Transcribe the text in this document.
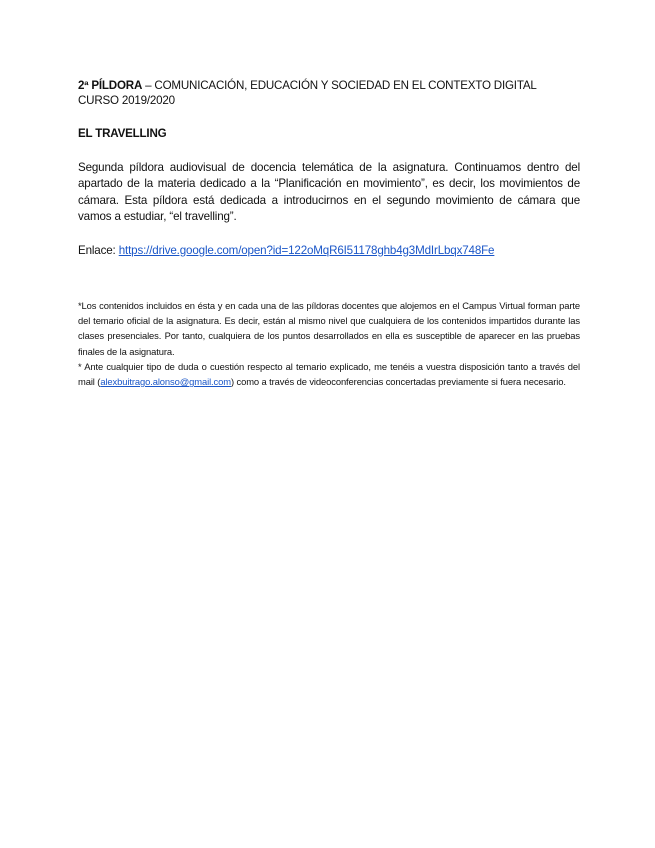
2ª PÍLDORA – COMUNICACIÓN, EDUCACIÓN Y SOCIEDAD EN EL CONTEXTO DIGITAL
CURSO 2019/2020
EL TRAVELLING
Segunda píldora audiovisual de docencia telemática de la asignatura. Continuamos dentro del apartado de la materia dedicado a la “Planificación en movimiento”, es decir, los movimientos de cámara. Esta píldora está dedicada a introducirnos en el segundo movimiento de cámara que vamos a estudiar, “el travelling”.
Enlace: https://drive.google.com/open?id=122oMqR6I51178ghb4g3MdIrLbqx748Fe

*Los contenidos incluidos en ésta y en cada una de las píldoras docentes que alojemos en el Campus Virtual forman parte del temario oficial de la asignatura. Es decir, están al mismo nivel que cualquiera de los contenidos impartidos durante las clases presenciales. Por tanto, cualquiera de los puntos desarrollados en ella es susceptible de aparecer en las pruebas finales de la asignatura.

* Ante cualquier tipo de duda o cuestión respecto al temario explicado, me tenéis a vuestra disposición tanto a través del mail (alexbuitrago.alonso@gmail.com) como a través de videoconferencias concertadas previamente si fuera necesario.
